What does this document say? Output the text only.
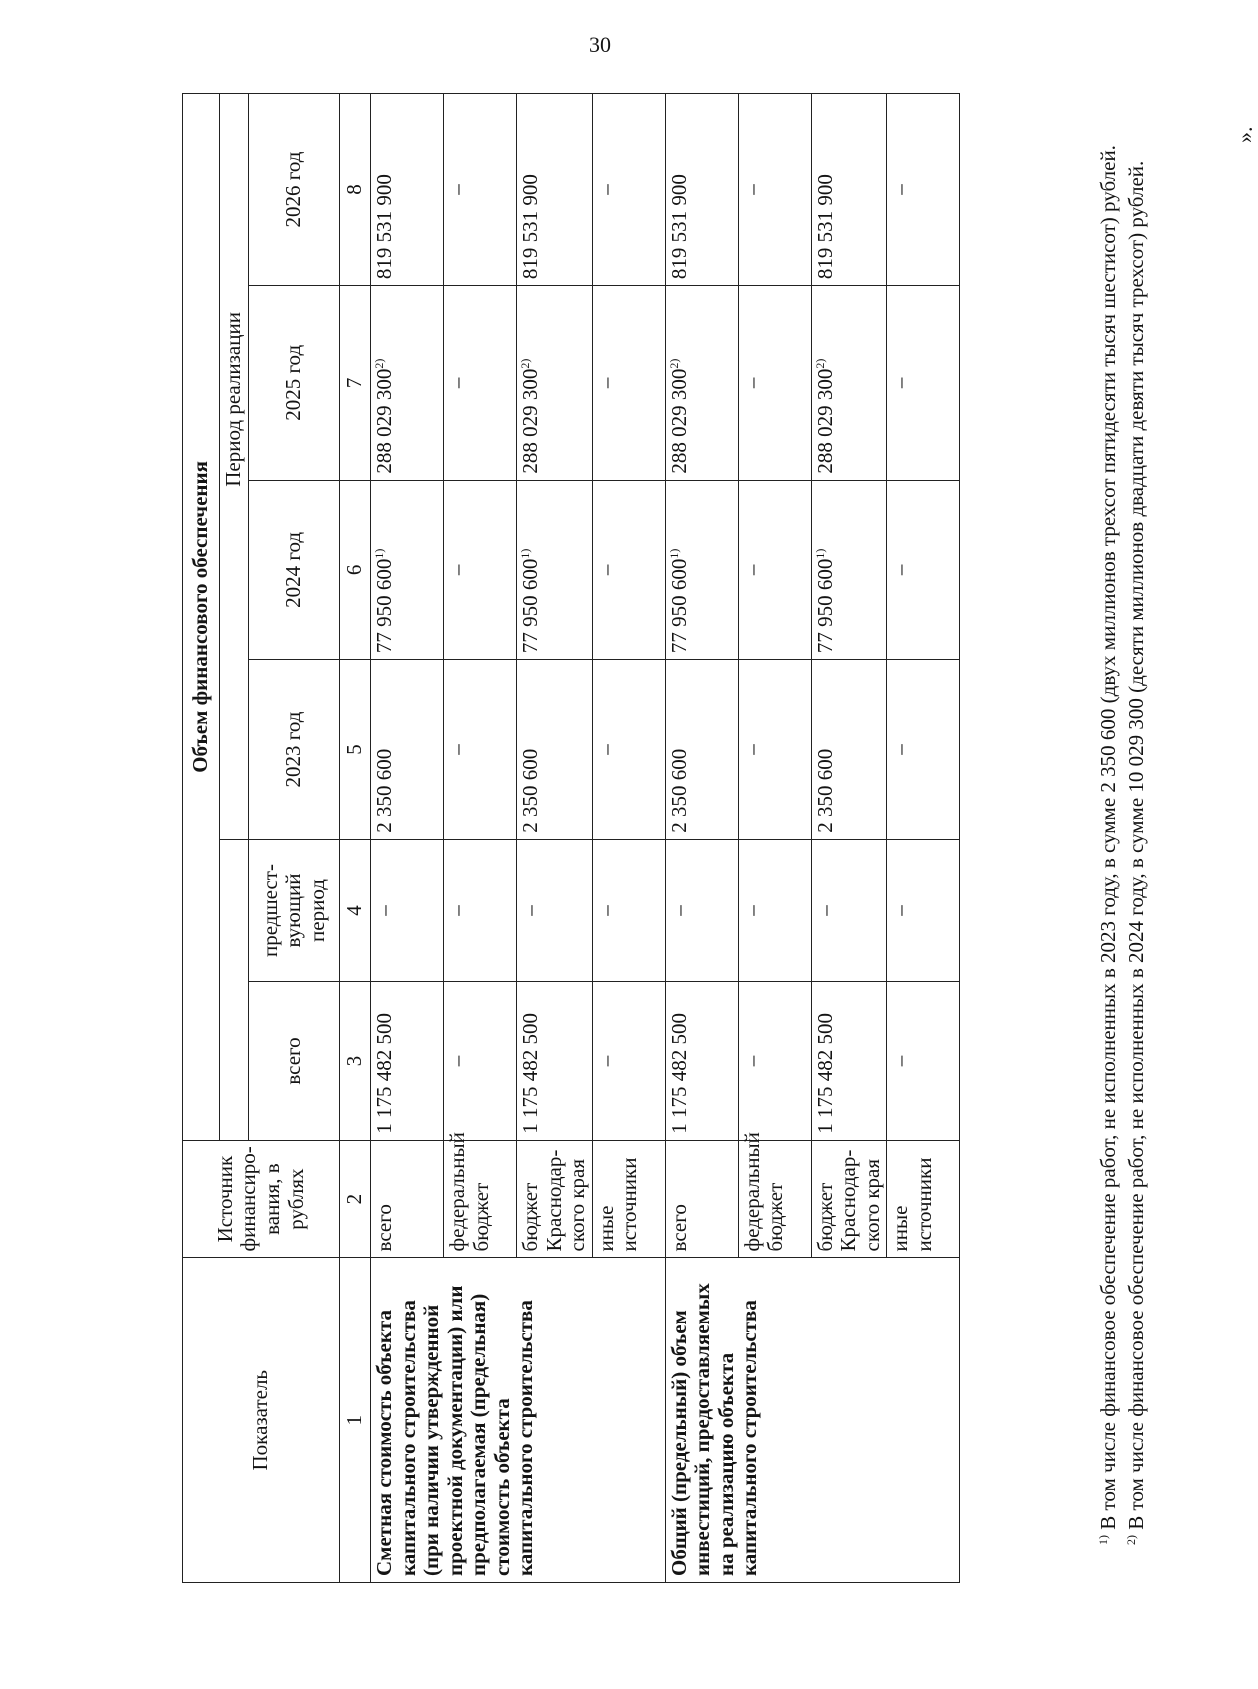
30
Показатель	Источник финансиро-вания, в рублях	Объем финансового обеспечения					
				Период реализации			
		всего	предшест-вующий период	2023 год	2024 год	2025 год	2026 год
1	2	3	4	5	6	7	8
Сметная стоимость объекта капитального строительства (при наличии утвержденной проектной документации) или предполагаемая (предельная) стоимость объекта капитального строительства	всего	1 175 482 500	–	2 350 600	77 950 600$^{1)}$	288 029 300$^{2)}$	819 531 900
	федеральный бюджет	–	–	–	–	–	–
	бюджет Краснодар-ского края	1 175 482 500	–	2 350 600	77 950 600$^{1)}$	288 029 300$^{2)}$	819 531 900
	иные источники	–	–	–	–	–	–
Общий (предельный) объем инвестиций, предоставляемых на реализацию объекта капитального строительства	всего	1 175 482 500	–	2 350 600	77 950 600$^{1)}$	288 029 300$^{2)}$	819 531 900
	федеральный бюджет	–	–	–	–	–	–
	бюджет Краснодар-ского края	1 175 482 500	–	2 350 600	77 950 600$^{1)}$	288 029 300$^{2)}$	819 531 900
	иные источники	–	–	–	–	–	–

$^{1)}$ В том числе финансовое обеспечение работ, не исполненных в 2023 году, в сумме 2 350 600 (двух миллионов трехсот пятидесяти тысяч шестисот) рублей.

$^{2)}$ В том числе финансовое обеспечение работ, не исполненных в 2024 году, в сумме 10 029 300 (десяти миллионов двадцати девяти тысяч трехсот) рублей.

».
